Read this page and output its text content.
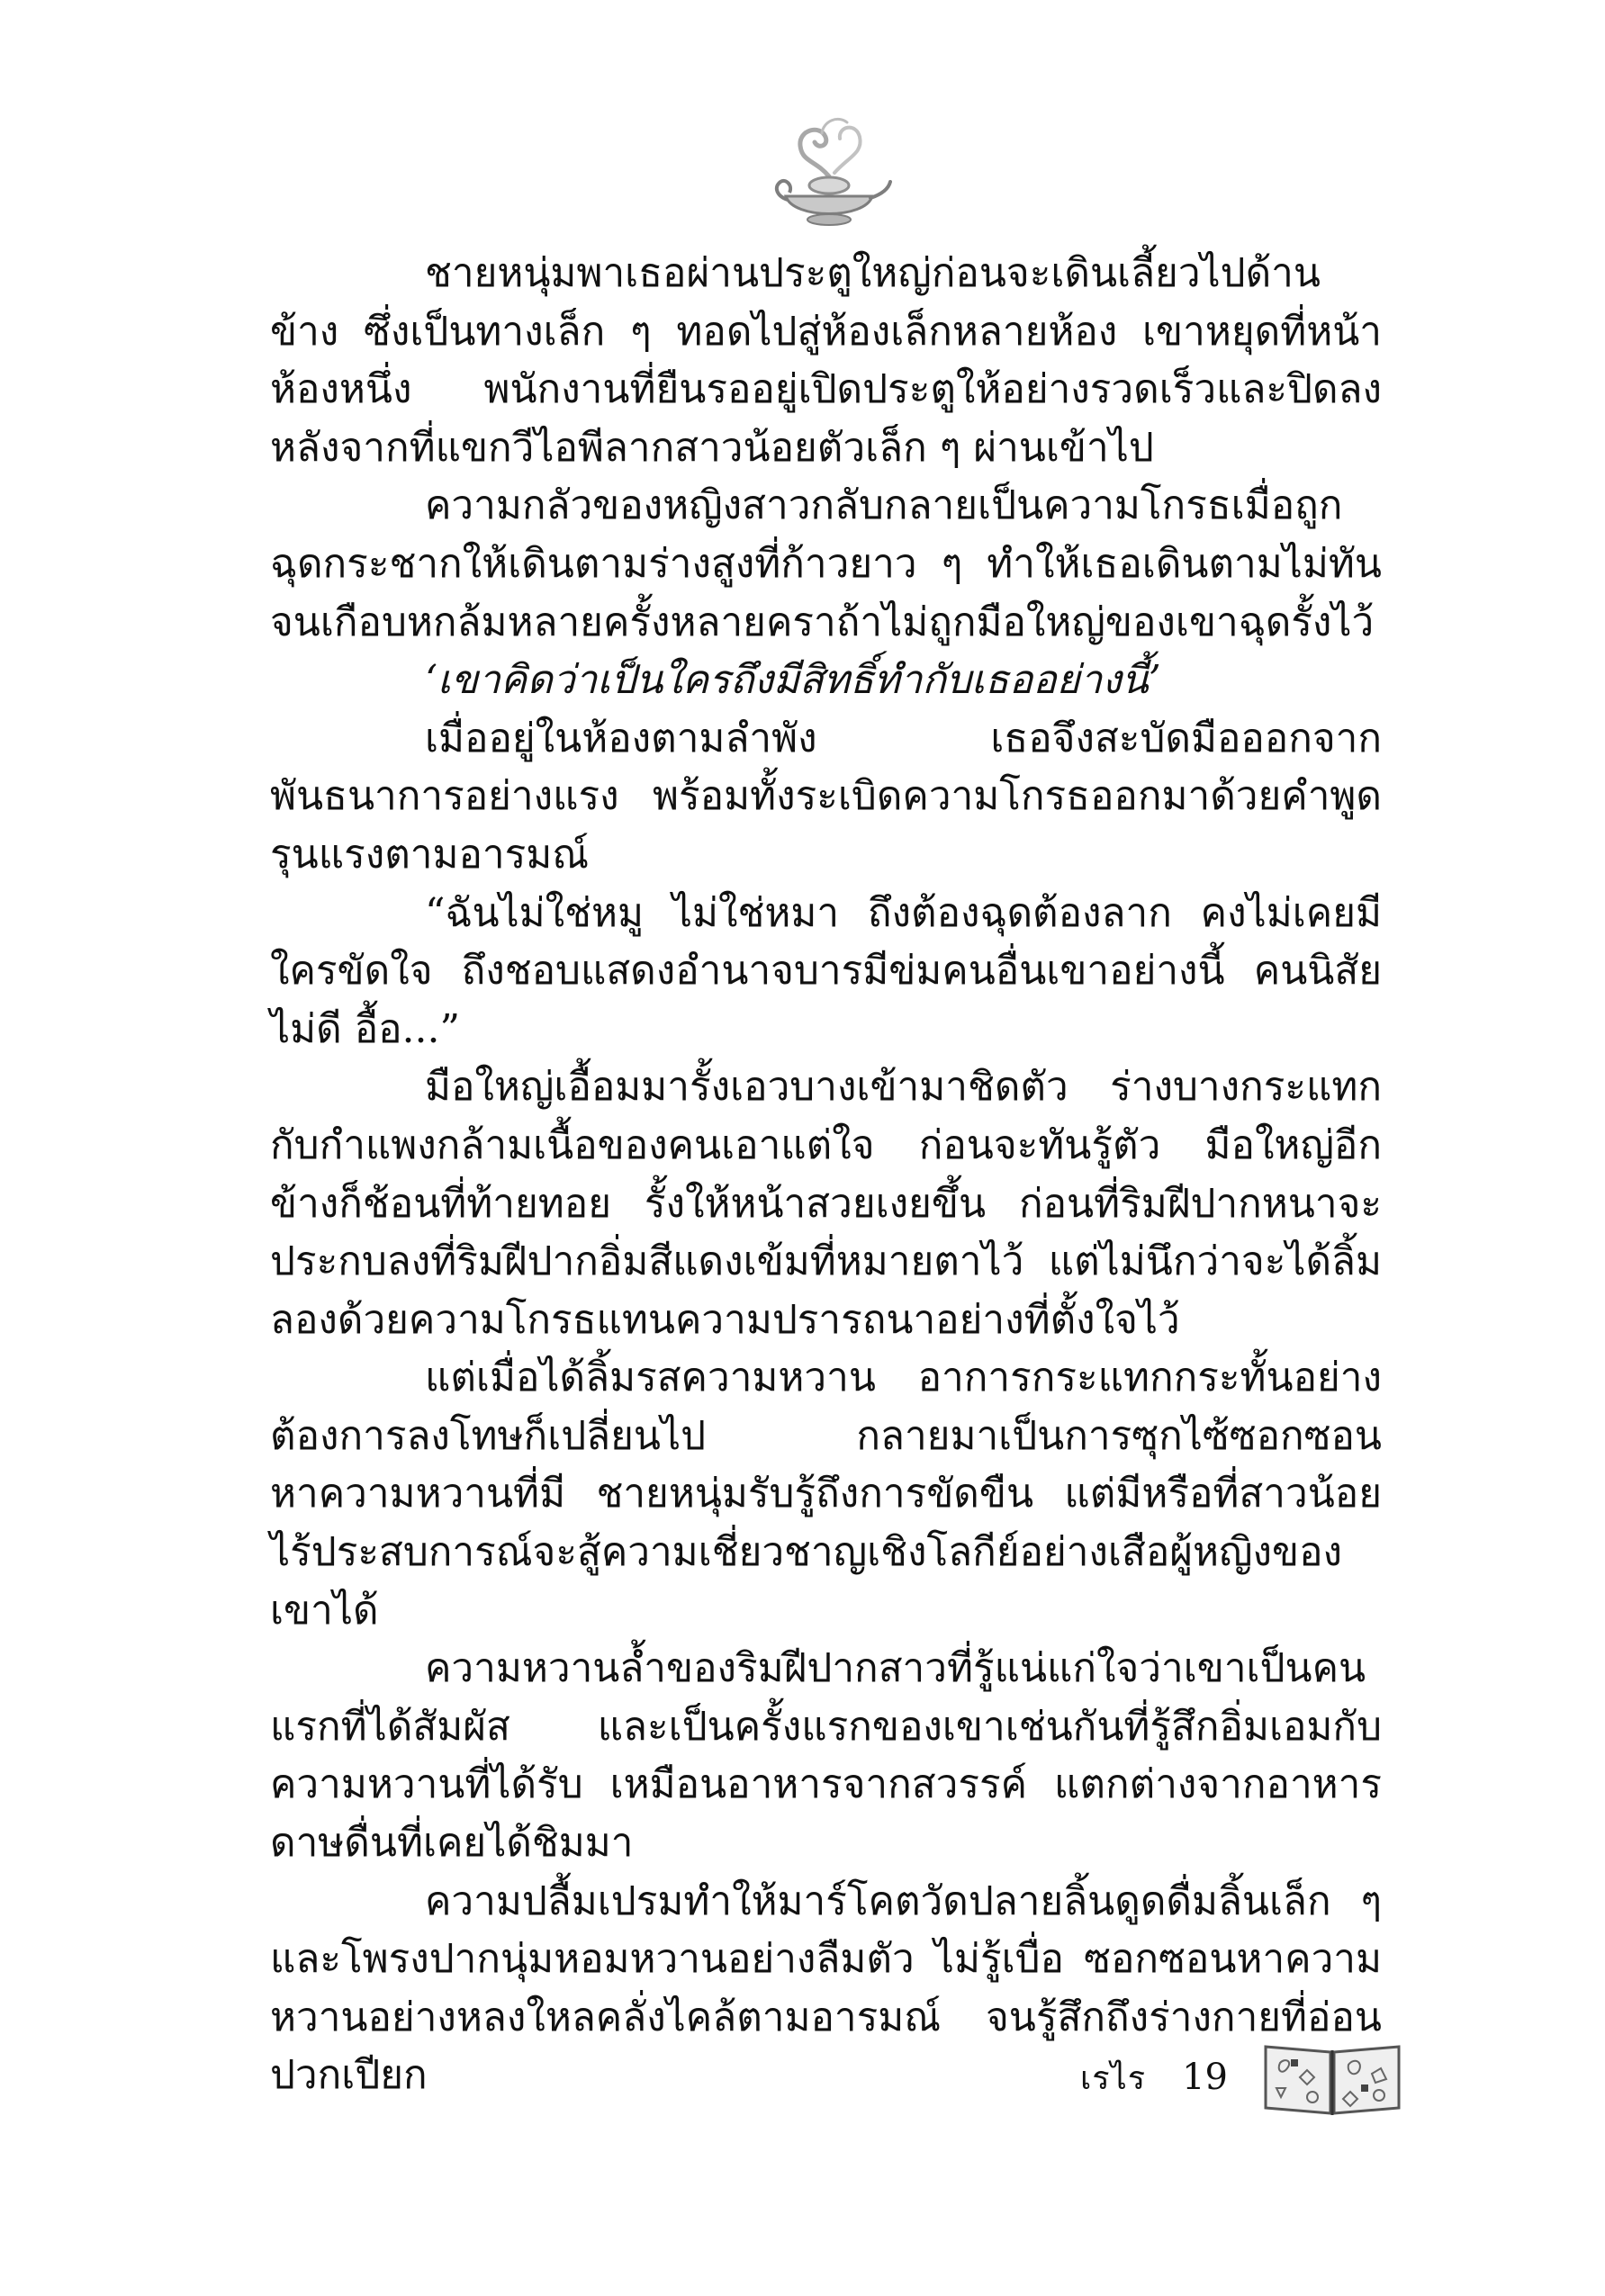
ชายหนุ่มพาเธอผ่านประตูใหญ่ก่อนจะเดินเลี้ยวไปด้านข้าง ซึ่งเป็นทางเล็ก ๆ ทอดไปสู่ห้องเล็กหลายห้อง เขาหยุดที่หน้าห้องหนึ่ง พนักงานที่ยืนรออยู่เปิดประตูให้อย่างรวดเร็วและปิดลงหลังจากที่แขกวีไอพีลากสาวน้อยตัวเล็ก ๆ ผ่านเข้าไป

ความกลัวของหญิงสาวกลับกลายเป็นความโกรธเมื่อถูกฉุดกระชากให้เดินตามร่างสูงที่ก้าวยาว ๆ ทำให้เธอเดินตามไม่ทัน จนเกือบหกล้มหลายครั้งหลายคราถ้าไม่ถูกมือใหญ่ของเขาฉุดรั้งไว้

‘เขาคิดว่าเป็นใครถึงมีสิทธิ์ทำกับเธออย่างนี้’

เมื่ออยู่ในห้องตามลำพัง เธอจึงสะบัดมือออกจากพันธนาการอย่างแรง พร้อมทั้งระเบิดความโกรธออกมาด้วยคำพูดรุนแรงตามอารมณ์

“ฉันไม่ใช่หมู ไม่ใช่หมา ถึงต้องฉุดต้องลาก คงไม่เคยมีใครขัดใจ ถึงชอบแสดงอำนาจบารมีข่มคนอื่นเขาอย่างนี้ คนนิสัยไม่ดี อื้อ...”

มือใหญ่เอื้อมมารั้งเอวบางเข้ามาชิดตัว ร่างบางกระแทกกับกำแพงกล้ามเนื้อของคนเอาแต่ใจ ก่อนจะทันรู้ตัว มือใหญ่อีกข้างก็ช้อนที่ท้ายทอย รั้งให้หน้าสวยเงยขึ้น ก่อนที่ริมฝีปากหนาจะประกบลงที่ริมฝีปากอิ่มสีแดงเข้มที่หมายตาไว้ แต่ไม่นึกว่าจะได้ลิ้มลองด้วยความโกรธแทนความปรารถนาอย่างที่ตั้งใจไว้

แต่เมื่อได้ลิ้มรสความหวาน อาการกระแทกกระทั้นอย่างต้องการลงโทษก็เปลี่ยนไป กลายมาเป็นการซุกไซ้ซอกซอนหาความหวานที่มี ชายหนุ่มรับรู้ถึงการขัดขืน แต่มีหรือที่สาวน้อยไร้ประสบการณ์จะสู้ความเชี่ยวชาญเชิงโลกีย์อย่างเสือผู้หญิงของเขาได้

ความหวานล้ำของริมฝีปากสาวที่รู้แน่แก่ใจว่าเขาเป็นคนแรกที่ได้สัมผัส และเป็นครั้งแรกของเขาเช่นกันที่รู้สึกอิ่มเอมกับความหวานที่ได้รับ เหมือนอาหารจากสวรรค์ แตกต่างจากอาหารดาษดื่นที่เคยได้ชิมมา

ความปลื้มเปรมทำให้มาร์โคตวัดปลายลิ้นดูดดื่มลิ้นเล็ก ๆ และโพรงปากนุ่มหอมหวานอย่างลืมตัว ไม่รู้เบื่อ ซอกซอนหาความหวานอย่างหลงใหลคลั่งไคล้ตามอารมณ์ จนรู้สึกถึงร่างกายที่อ่อนปวกเปียก	เรไร 19
